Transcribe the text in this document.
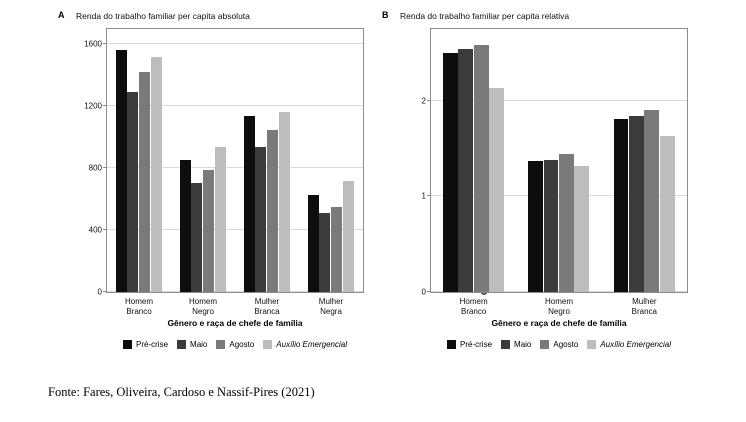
A Renda do trabalho familiar per capita absoluta
0
400
800
1200
1600
Homem
Branco
Homem
Negro
Mulher
Branca
Mulher
Negra
Gênero e raça de chefe de família
Pré-crise	Maio	Agosto	Auxílio Emergencial
B Renda do trabalho familiar per capita relativa
0
1
2
Homem
Branco
Homem
Negro
Mulher
Branca
Gênero e raça de chefe de família
Pré-crise	Maio	Agosto	Auxílio Emergencial
Fonte: Fares, Oliveira, Cardoso e Nassif-Pires (2021)
